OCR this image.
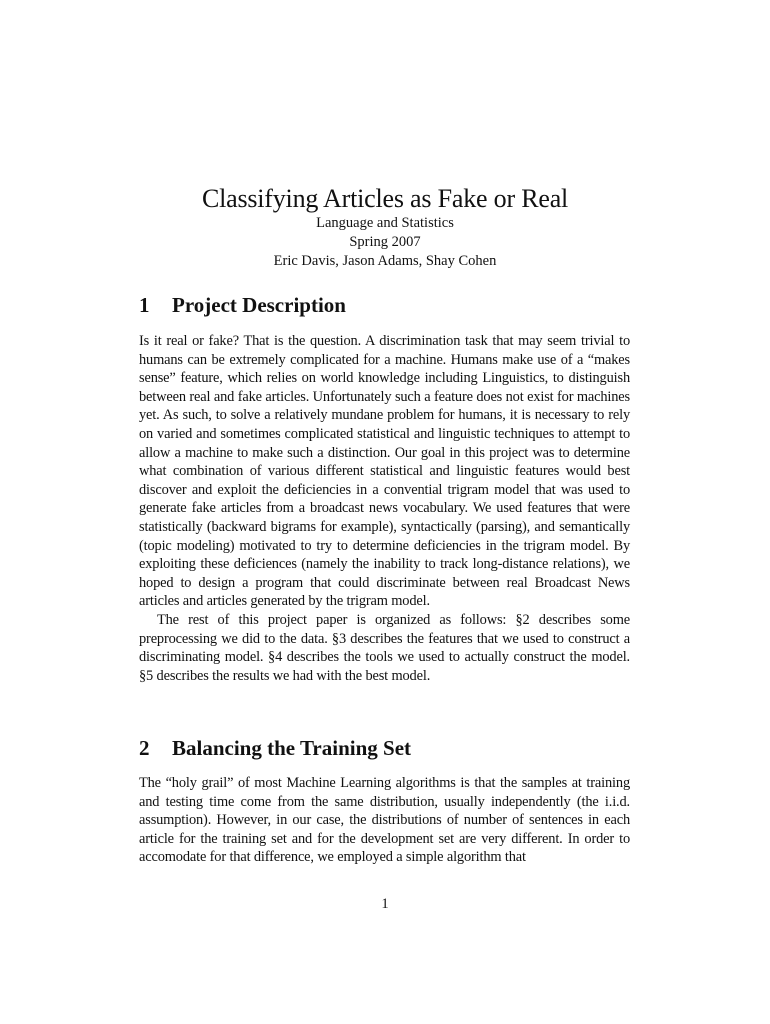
Classifying Articles as Fake or Real

Language and Statistics

Spring 2007

Eric Davis, Jason Adams, Shay Cohen

1 Project Description

Is it real or fake? That is the question. A discrimination task that may seem trivial to humans can be extremely complicated for a machine. Humans make use of a “makes sense” feature, which relies on world knowledge including Linguistics, to distinguish between real and fake articles. Unfortunately such a feature does not exist for machines yet. As such, to solve a relatively mundane problem for humans, it is necessary to rely on varied and sometimes complicated statistical and linguistic techniques to attempt to allow a machine to make such a distinction. Our goal in this project was to determine what combination of various different statistical and linguistic features would best discover and exploit the deficiencies in a convential trigram model that was used to generate fake articles from a broadcast news vocabulary. We used features that were statistically (backward bigrams for example), syntactically (parsing), and semantically (topic modeling) motivated to try to determine deficiencies in the trigram model. By exploiting these deficiences (namely the inability to track long-distance relations), we hoped to design a program that could discriminate between real Broadcast News articles and articles generated by the trigram model.

The rest of this project paper is organized as follows: §2 describes some preprocessing we did to the data. §3 describes the features that we used to construct a discriminating model. §4 describes the tools we used to actually construct the model. §5 describes the results we had with the best model.

2 Balancing the Training Set

The “holy grail” of most Machine Learning algorithms is that the samples at training and testing time come from the same distribution, usually independently (the i.i.d. assumption). However, in our case, the distributions of number of sentences in each article for the training set and for the development set are very different. In order to accomodate for that difference, we employed a simple algorithm that

1
